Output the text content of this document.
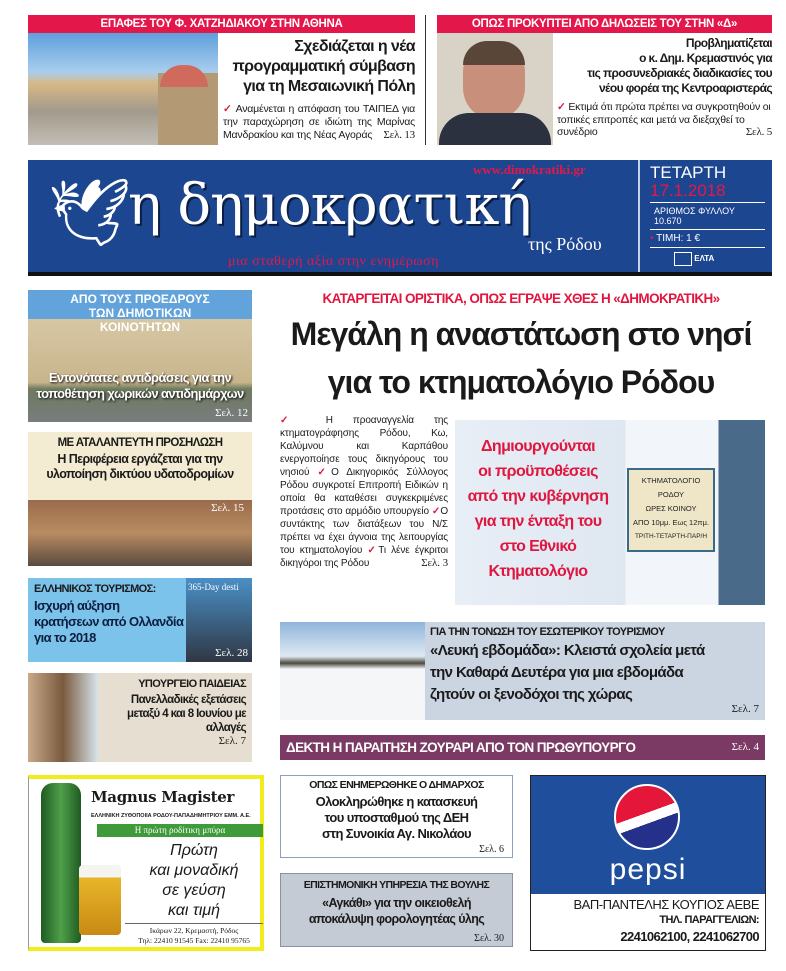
ΕΠΑΦΕΣ ΤΟΥ Φ. ΧΑΤΖΗΔΙΑΚΟΥ ΣΤΗΝ ΑΘΗΝΑ
Σχεδιάζεται η νέα
προγραμματική σύμβαση
για τη Μεσαιωνική Πόλη
✓ Αναμένεται η απόφαση του ΤΑΙΠΕΔ για την παραχώρηση σε ιδιώτη της Μαρίνας Μανδρακίου και της Νέας Αγοράς Σελ. 13
ΟΠΩΣ ΠΡΟΚΥΠΤΕΙ ΑΠΟ ΔΗΛΩΣΕΙΣ ΤΟΥ ΣΤΗΝ «Δ»
Προβληματίζεται
ο κ. Δημ. Κρεμαστινός για
τις προσυνεδριακές διαδικασίες του
νέου φορέα της Κεντροαριστεράς
✓ Εκτιμά ότι πρώτα πρέπει να συγκροτηθούν οι τοπικές επιτροπές και μετά να διεξαχθεί το συνέδριο	Σελ. 5
🕊
η δημοκρατική
της Ρόδου
μια σταθερή αξία στην ενημέρωση
www.dimokratiki.gr	ΤΕΤΑΡΤΗ
17.1.2018
ΑΡΙΘΜΟΣ ΦΥΛΛΟΥ
10.670
• ΤΙΜΗ: 1 €
ΕΛΤΑ
ΑΠΟ ΤΟΥΣ ΠΡΟΕΔΡΟΥΣ ΤΩΝ ΔΗΜΟΤΙΚΩΝ ΚΟΙΝΟΤΗΤΩΝ
Εντονότατες αντιδράσεις για την τοποθέτηση χωρικών αντιδημάρχων
Σελ. 12
ΜΕ ΑΤΑΛΑΝΤΕΥΤΗ ΠΡΟΣΗΛΩΣΗ
Η Περιφέρεια εργάζεται για την υλοποίηση δικτύου υδατοδρομίων
Σελ. 15
365-Day desti
ΕΛΛΗΝΙΚΟΣ ΤΟΥΡΙΣΜΟΣ:
Ισχυρή αύξηση κρατήσεων από Ολλανδία για το 2018
Σελ. 28
ΥΠΟΥΡΓΕΙΟ ΠΑΙΔΕΙΑΣ
Πανελλαδικές εξετάσεις μεταξύ 4 και 8 Ιουνίου με αλλαγές
Σελ. 7
ΚΑΤΑΡΓΕΙΤΑΙ ΟΡΙΣΤΙΚΑ, ΟΠΩΣ ΕΓΡΑΨΕ ΧΘΕΣ Η «ΔΗΜΟΚΡΑΤΙΚΗ»
Μεγάλη η αναστάτωση στο νησί
για το κτηματολόγιο Ρόδου
✓ Η προαναγγελία της κτηματογράφησης Ρόδου, Κω, Καλύμνου και Καρπάθου ενεργοποίησε τους δικηγόρους του νησιού ✓Ο Δικηγορικός Σύλλογος Ρόδου συγκροτεί Επιτροπή Ειδικών η οποία θα καταθέσει συγκεκριμένες προτάσεις στο αρμόδιο υπουργείο ✓Ο συντάκτης των διατάξεων του Ν/Σ πρέπει να έχει άγνοια της λειτουργίας του κτηματολογίου ✓Τι λένε έγκριτοι δικηγόροι της Ρόδου	Σελ. 3
Δημιουργούνται
οι προϋποθέσεις
από την κυβέρνηση
για την ένταξη του
στο Εθνικό
Κτηματολόγιο
ΚΤΗΜΑΤΟΛΟΓΙΟ
ΡΟΔΟΥ
ΩΡΕΣ ΚΟΙΝΟΥ
ΑΠΟ 10μμ. Εως 12πμ.
ΤΡΙΤΗ-ΤΕΤΑΡΤΗ-ΠΑΡ/Η
ΓΙΑ ΤΗΝ ΤΟΝΩΣΗ ΤΟΥ ΕΣΩΤΕΡΙΚΟΥ ΤΟΥΡΙΣΜΟΥ
«Λευκή εβδομάδα»: Κλειστά σχολεία μετά
την Καθαρά Δευτέρα για μια εβδομάδα
ζητούν οι ξενοδόχοι της χώρας
Σελ. 7
ΔΕΚΤΗ Η ΠΑΡΑΙΤΗΣΗ ΖΟΥΡΑΡΙ ΑΠΟ ΤΟΝ ΠΡΩΘΥΠΟΥΡΓΟ	Σελ. 4
ΟΠΩΣ ΕΝΗΜΕΡΩΘΗΚΕ Ο ΔΗΜΑΡΧΟΣ
Ολοκληρώθηκε η κατασκευή
του υποσταθμού της ΔΕΗ
στη Συνοικία Αγ. Νικολάου
Σελ. 6
ΕΠΙΣΤΗΜΟΝΙΚΗ ΥΠΗΡΕΣΙΑ ΤΗΣ ΒΟΥΛΗΣ
«Αγκάθι» για την οικειοθελή
αποκάλυψη φορολογητέας ύλης
Σελ. 30
Magnus Magister
ΕΛΛΗΝΙΚΗ ΖΥΘΟΠΟΙΙΑ ΡΟΔΟΥ-ΠΑΠΑΔΗΜΗΤΡΙΟΥ ΕΜΜ. Α.Ε.
Η πρώτη ροδίτικη μπύρα
Πρώτη
και μοναδική
σε γεύση
και τιμή
Ικάρων 22, Κρεμαστή, Ρόδος
Τηλ: 22410 91545 Fax: 22410 95765
pepsi
ΒΑΠ-ΠΑΝΤΕΛΗΣ ΚΟΥΓΙΟΣ ΑΕΒΕ
ΤΗΛ. ΠΑΡΑΓΓΕΛΙΩΝ:
2241062100, 2241062700
